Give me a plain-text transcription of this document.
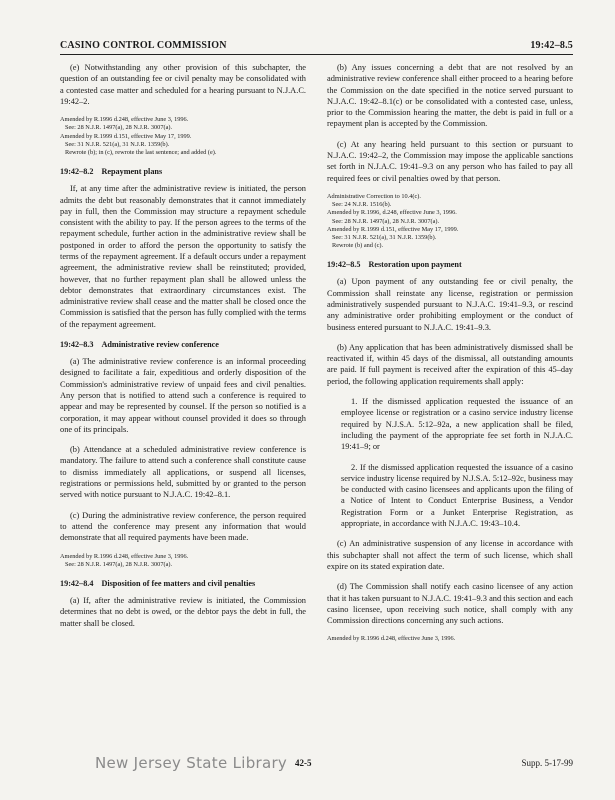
CASINO CONTROL COMMISSION	19:42–8.5

(e) Notwithstanding any other provision of this subchapter, the question of an outstanding fee or civil penalty may be consolidated with a contested case matter and scheduled for a hearing pursuant to N.J.A.C. 19:42–2.

Amended by R.1996 d.248, effective June 3, 1996.
See: 28 N.J.R. 1497(a), 28 N.J.R. 3007(a).
Amended by R.1999 d.151, effective May 17, 1999.
See: 31 N.J.R. 521(a), 31 N.J.R. 1359(b).
Rewrote (b); in (c), rewrote the last sentence; and added (e).
19:42–8.2 Repayment plans

If, at any time after the administrative review is initiated, the person admits the debt but reasonably demonstrates that it cannot immediately pay in full, then the Commission may structure a repayment schedule consistent with the ability to pay. If the person agrees to the terms of the repayment schedule, further action in the administrative review shall be postponed in order to afford the person the opportunity to satisfy the terms of the repayment agreement. If a default occurs under a repayment agreement, the administrative review shall be reinstituted; provided, however, that no further repayment plan shall be allowed unless the debtor demonstrates that extraordinary circumstances exist. The administrative review shall cease and the matter shall be closed once the Commission is satisfied that the person has fully complied with the terms of the repayment agreement.

19:42–8.3 Administrative review conference

(a) The administrative review conference is an informal proceeding designed to facilitate a fair, expeditious and orderly disposition of the Commission's administrative review of unpaid fees and civil penalties. Any person that is notified to attend such a conference is required to appear and may be represented by counsel. If the person so notified is a corporation, it may appear without counsel provided it does so through one of its principals.

(b) Attendance at a scheduled administrative review conference is mandatory. The failure to attend such a conference shall constitute cause to dismiss immediately all applications, or suspend all licenses, registrations or permissions held, submitted by or granted to the person served with notice pursuant to N.J.A.C. 19:42–8.1.

(c) During the administrative review conference, the person required to attend the conference may present any information that would demonstrate that all required payments have been made.

Amended by R.1996 d.248, effective June 3, 1996.
See: 28 N.J.R. 1497(a), 28 N.J.R. 3007(a).
19:42–8.4 Disposition of fee matters and civil penalties

(a) If, after the administrative review is initiated, the Commission determines that no debt is owed, or the debtor pays the debt in full, the matter shall be closed.

(b) Any issues concerning a debt that are not resolved by an administrative review conference shall either proceed to a hearing before the Commission on the date specified in the notice served pursuant to N.J.A.C. 19:42–8.1(c) or be consolidated with a contested case, unless, prior to the Commission hearing the matter, the debt is paid in full or a repayment plan is accepted by the Commission.

(c) At any hearing held pursuant to this section or pursuant to N.J.A.C. 19:42–2, the Commission may impose the applicable sanctions set forth in N.J.A.C. 19:41–9.3 on any person who has failed to pay all required fees or civil penalties owed by that person.

Administrative Correction to 10.4(c).
See: 24 N.J.R. 1516(b).
Amended by R.1996, d.248, effective June 3, 1996.
See: 28 N.J.R. 1497(a), 28 N.J.R. 3007(a).
Amended by R.1999 d.151, effective May 17, 1999.
See: 31 N.J.R. 521(a), 31 N.J.R. 1359(b).
Rewrote (b) and (c).
19:42–8.5 Restoration upon payment

(a) Upon payment of any outstanding fee or civil penalty, the Commission shall reinstate any license, registration or permission administratively suspended pursuant to N.J.A.C. 19:41–9.3, or rescind any administrative order prohibiting employment or the conduct of business entered pursuant to N.J.A.C. 19:41–9.3.

(b) Any application that has been administratively dismissed shall be reactivated if, within 45 days of the dismissal, all outstanding amounts are paid. If full payment is received after the expiration of this 45–day period, the following application requirements shall apply:

1. If the dismissed application requested the issuance of an employee license or registration or a casino service industry license required by N.J.S.A. 5:12–92a, a new application shall be filed, including the payment of the appropriate fee set forth in N.J.A.C. 19:41–9; or

2. If the dismissed application requested the issuance of a casino service industry license required by N.J.S.A. 5:12–92c, business may be conducted with casino licensees and applicants upon the filing of a Notice of Intent to Conduct Enterprise Business, a Vendor Registration Form or a Junket Enterprise Registration, as appropriate, in accordance with N.J.A.C. 19:43–10.4.

(c) An administrative suspension of any license in accordance with this subchapter shall not affect the term of such license, which shall expire on its stated expiration date.

(d) The Commission shall notify each casino licensee of any action that it has taken pursuant to N.J.A.C. 19:41–9.3 and this section and each casino licensee, upon receiving such notice, shall comply with any Commission directions concerning any such actions.

Amended by R.1996 d.248, effective June 3, 1996.
New Jersey State Library 42-5	Supp. 5-17-99
